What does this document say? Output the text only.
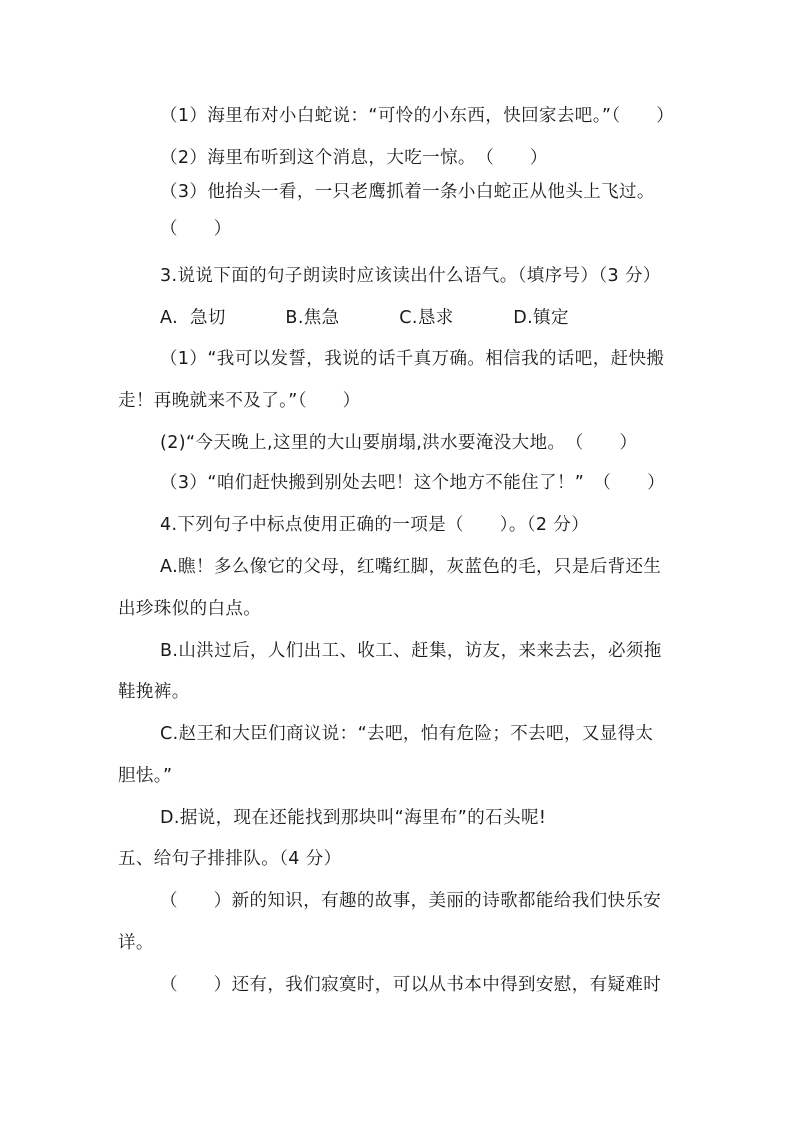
（1）海里布对小白蛇说：“可怜的小东西，快回家去吧。”（　　）
（2）海里布听到这个消息，大吃一惊。　（　　）
（3）他抬头一看，一只老鹰抓着一条小白蛇正从他头上飞过。
（　　）
3.说说下面的句子朗读时应该读出什么语气。（填序号）（3 分）
A.  急切　　　 B.焦急　　　 C.恳求　　　 D.镇定
（1）“我可以发誓，我说的话千真万确。相信我的话吧，赶快搬
走！再晚就来不及了。”（　　）
(2)“今天晚上,这里的大山要崩塌,洪水要淹没大地。　（　　）
（3）“咱们赶快搬到别处去吧！这个地方不能住了！”　（　　）
4.下列句子中标点使用正确的一项是（　　）。（2 分）
A.瞧！多么像它的父母，红嘴红脚，灰蓝色的毛，只是后背还生
出珍珠似的白点。
B.山洪过后，人们出工、收工、赶集，访友，来来去去，必须拖
鞋挽裤。
C.赵王和大臣们商议说：“去吧，怕有危险；不去吧，又显得太
胆怯。”
D.据说，现在还能找到那块叫“海里布”的石头呢!
五、给句子排排队。（4 分）
（　　）新的知识，有趣的故事，美丽的诗歌都能给我们快乐安
详。
（　　）还有，我们寂寞时，可以从书本中得到安慰，有疑难时
